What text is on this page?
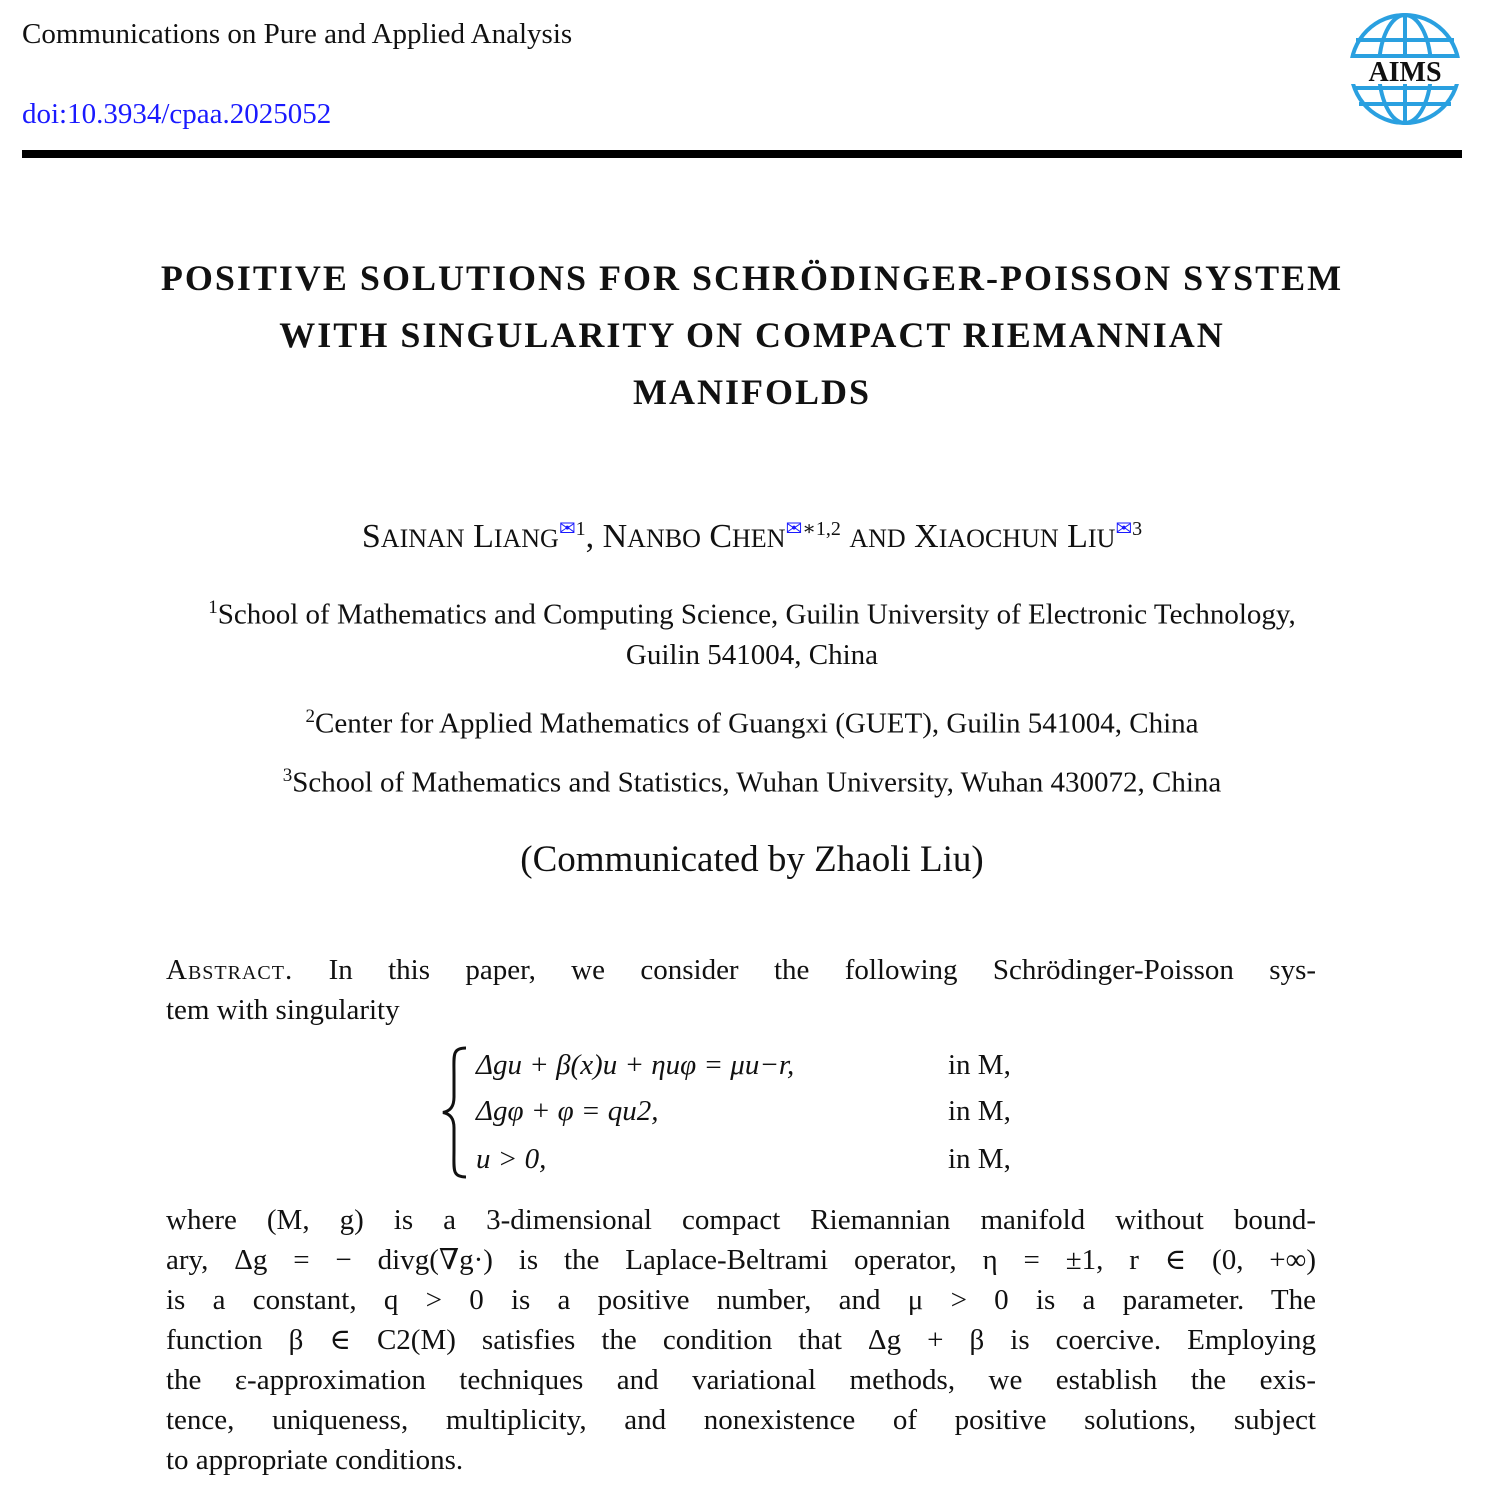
Communications on Pure and Applied Analysis
doi:10.3934/cpaa.2025052
AIMS
POSITIVE SOLUTIONS FOR SCHRÖDINGER-POISSON SYSTEM
WITH SINGULARITY ON COMPACT RIEMANNIAN
MANIFOLDS
SAINAN $LIANG^{✉1}$, NANBO $CHEN^{✉∗1,2}$ AND XIAOCHUN $LIU^{✉3}$
$^1$School of Mathematics and Computing Science, Guilin University of Electronic Technology,
Guilin 541004, China
$^2$Center for Applied Mathematics of Guangxi (GUET), Guilin 541004, China
$^3$School of Mathematics and Statistics, Wuhan University, Wuhan 430072, China
(Communicated by Zhaoli Liu)
Abstract. In this paper, we consider the following Schrödinger-Poisson sys-
tem with singularity
Δgu + β(x)u + ηuφ = μu−r,	in M,
Δgφ + φ = qu2,	in M,
u > 0,	in M,
where (M, g) is a 3-dimensional compact Riemannian manifold without bound-
ary, Δg = − divg(∇g·) is the Laplace-Beltrami operator, η = ±1, r ∈ (0, +∞)
is a constant, q > 0 is a positive number, and μ > 0 is a parameter. The
function β ∈ C2(M) satisfies the condition that Δg + β is coercive. Employing
the ε-approximation techniques and variational methods, we establish the exis-
tence, uniqueness, multiplicity, and nonexistence of positive solutions, subject
to appropriate conditions.
